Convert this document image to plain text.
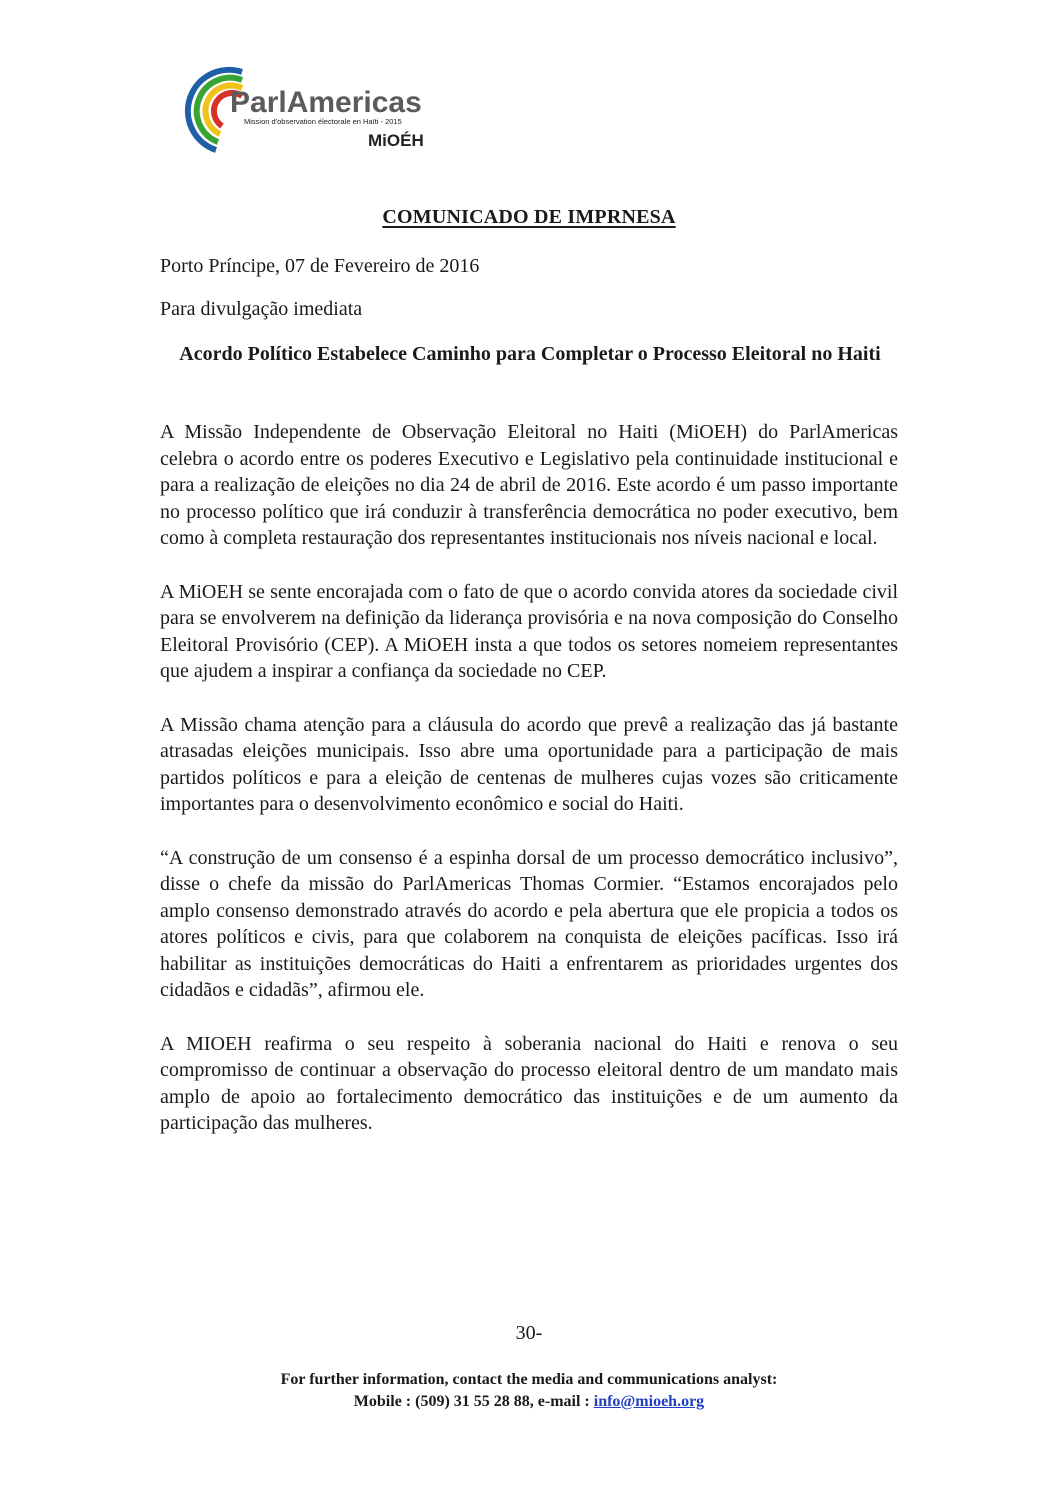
ParlAmericas
Mission d'observation électorale en Haïti - 2015
MiOÉH
COMUNICADO DE IMPRNESA
Porto Príncipe, 07 de Fevereiro de 2016
Para divulgação imediata
Acordo Político Estabelece Caminho para Completar o Processo Eleitoral no Haiti

A Missão Independente de Observação Eleitoral no Haiti (MiOEH) do ParlAmericas celebra o acordo entre os poderes Executivo e Legislativo pela continuidade institucional e para a realização de eleições no dia 24 de abril de 2016. Este acordo é um passo importante no processo político que irá conduzir à transferência democrática no poder executivo, bem como à completa restauração dos representantes institucionais nos níveis nacional e local.

A MiOEH se sente encorajada com o fato de que o acordo convida atores da sociedade civil para se envolverem na definição da liderança provisória e na nova composição do Conselho Eleitoral Provisório (CEP). A MiOEH insta a que todos os setores nomeiem representantes que ajudem a inspirar a confiança da sociedade no CEP.

A Missão chama atenção para a cláusula do acordo que prevê a realização das já bastante atrasadas eleições municipais. Isso abre uma oportunidade para a participação de mais partidos políticos e para a eleição de centenas de mulheres cujas vozes são criticamente importantes para o desenvolvimento econômico e social do Haiti.

“A construção de um consenso é a espinha dorsal de um processo democrático inclusivo”, disse o chefe da missão do ParlAmericas Thomas Cormier. “Estamos encorajados pelo amplo consenso demonstrado através do acordo e pela abertura que ele propicia a todos os atores políticos e civis, para que colaborem na conquista de eleições pacíficas. Isso irá habilitar as instituições democráticas do Haiti a enfrentarem as prioridades urgentes dos cidadãos e cidadãs”, afirmou ele.

A MIOEH reafirma o seu respeito à soberania nacional do Haiti e renova o seu compromisso de continuar a observação do processo eleitoral dentro de um mandato mais amplo de apoio ao fortalecimento democrático das instituições e de um aumento da participação das mulheres.

30-
For further information, contact the media and communications analyst:
Mobile : (509) 31 55 28 88, e-mail : info@mioeh.org
